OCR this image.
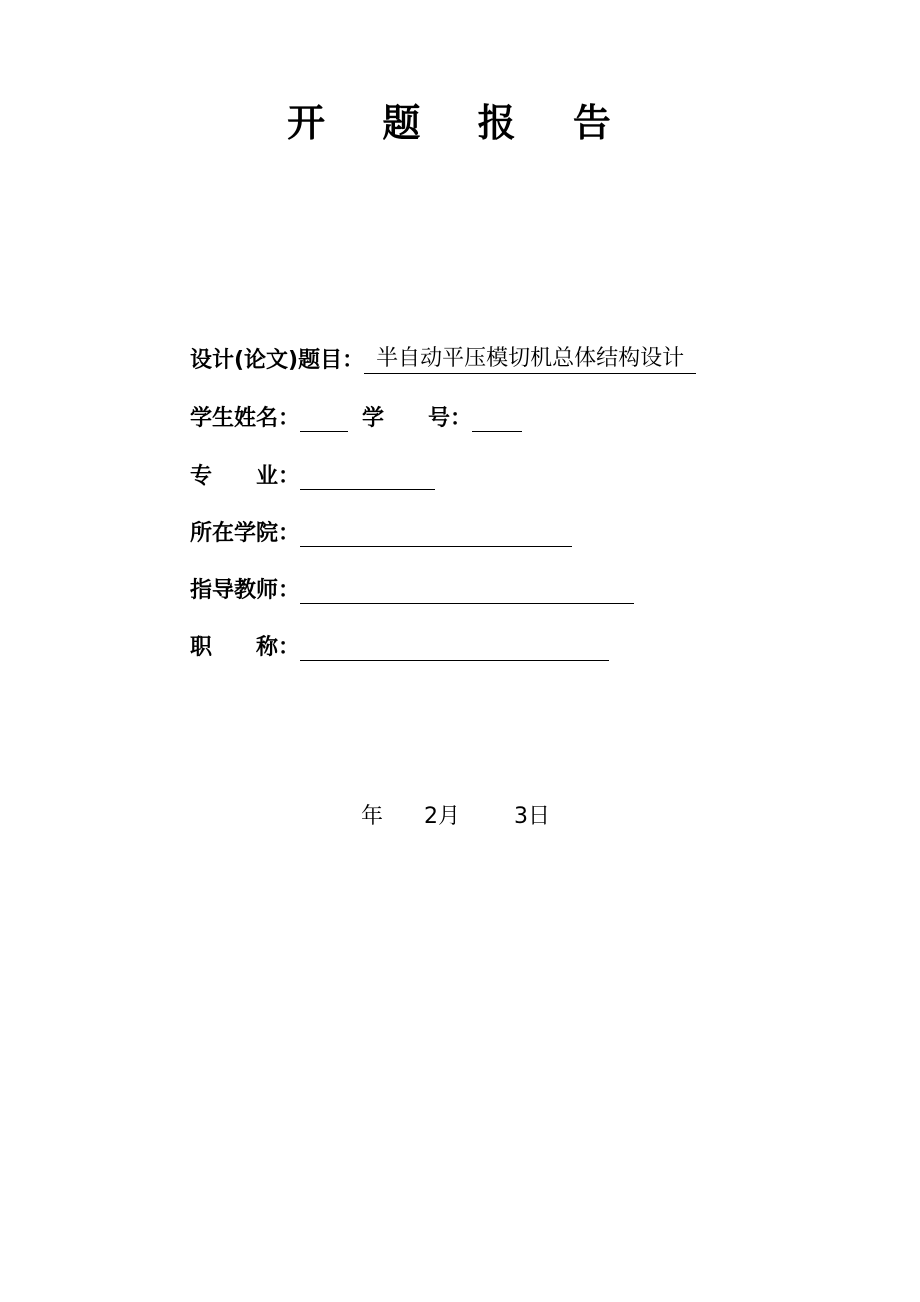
开 题 报 告
设计(论文)题目： 半自动平压模切机总体结构设计
学生姓名：	学　　号：
专　　业：
所在学院：
指导教师：
职　　称：
年 2月 3日
